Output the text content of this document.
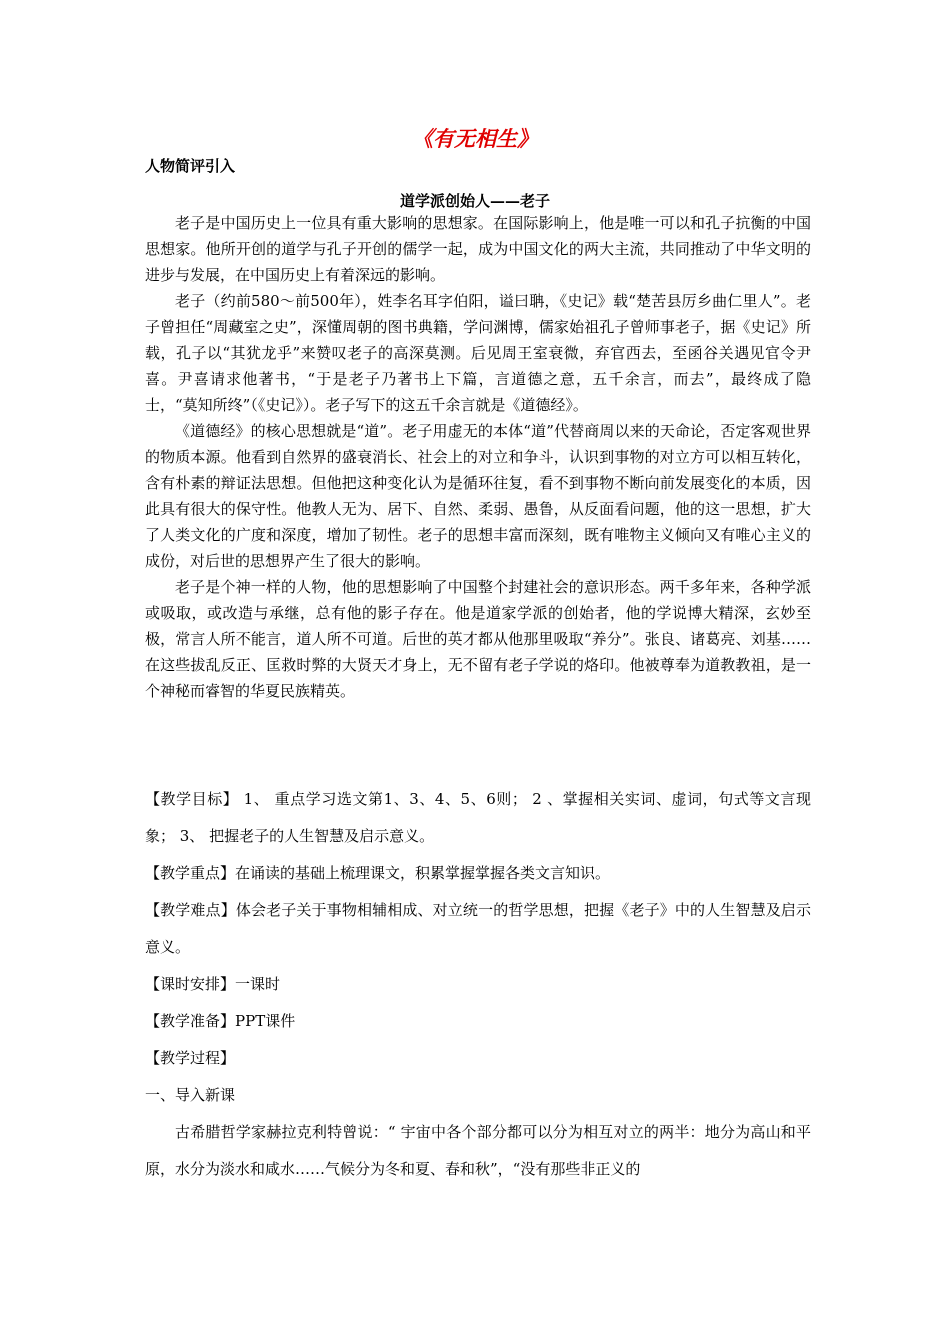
《有无相生》
人物简评引入
道学派创始人——老子

老子是中国历史上一位具有重大影响的思想家。在国际影响上，他是唯一可以和孔子抗衡的中国思想家。他所开创的道学与孔子开创的儒学一起，成为中国文化的两大主流，共同推动了中华文明的进步与发展，在中国历史上有着深远的影响。

老子（约前580～前500年），姓李名耳字伯阳，谥曰聃，《史记》载“楚苦县厉乡曲仁里人”。老子曾担任“周藏室之史”，深懂周朝的图书典籍，学问渊博，儒家始祖孔子曾师事老子，据《史记》所载，孔子以“其犹龙乎”来赞叹老子的高深莫测。后见周王室衰微，弃官西去，至函谷关遇见官令尹喜。尹喜请求他著书，“于是老子乃著书上下篇，言道德之意，五千余言，而去”，最终成了隐士，“莫知所终”（《史记》）。老子写下的这五千余言就是《道德经》。

《道德经》的核心思想就是“道”。老子用虚无的本体“道”代替商周以来的天命论，否定客观世界的物质本源。他看到自然界的盛衰消长、社会上的对立和争斗，认识到事物的对立方可以相互转化，含有朴素的辩证法思想。但他把这种变化认为是循环往复，看不到事物不断向前发展变化的本质，因此具有很大的保守性。他教人无为、居下、自然、柔弱、愚鲁，从反面看问题，他的这一思想，扩大了人类文化的广度和深度，增加了韧性。老子的思想丰富而深刻，既有唯物主义倾向又有唯心主义的成份，对后世的思想界产生了很大的影响。

老子是个神一样的人物，他的思想影响了中国整个封建社会的意识形态。两千多年来，各种学派或吸取，或改造与承继，总有他的影子存在。他是道家学派的创始者，他的学说博大精深，玄妙至极，常言人所不能言，道人所不可道。后世的英才都从他那里吸取“养分”。张良、诸葛亮、刘基……在这些拔乱反正、匡救时弊的大贤天才身上，无不留有老子学说的烙印。他被尊奉为道教教祖，是一个神秘而睿智的华夏民族精英。

【教学目标】 1、 重点学习选文第1、3、4、5、6则； 2 、掌握相关实词、虚词，句式等文言现象； 3、 把握老子的人生智慧及启示意义。

【教学重点】在诵读的基础上梳理课文，积累掌握掌握各类文言知识。

【教学难点】体会老子关于事物相辅相成、对立统一的哲学思想，把握《老子》中的人生智慧及启示意义。

【课时安排】一课时

【教学准备】PPT课件

【教学过程】

一、导入新课

古希腊哲学家赫拉克利特曾说：“ 宇宙中各个部分都可以分为相互对立的两半：地分为高山和平原，水分为淡水和咸水……气候分为冬和夏、春和秋”，“没有那些非正义的
